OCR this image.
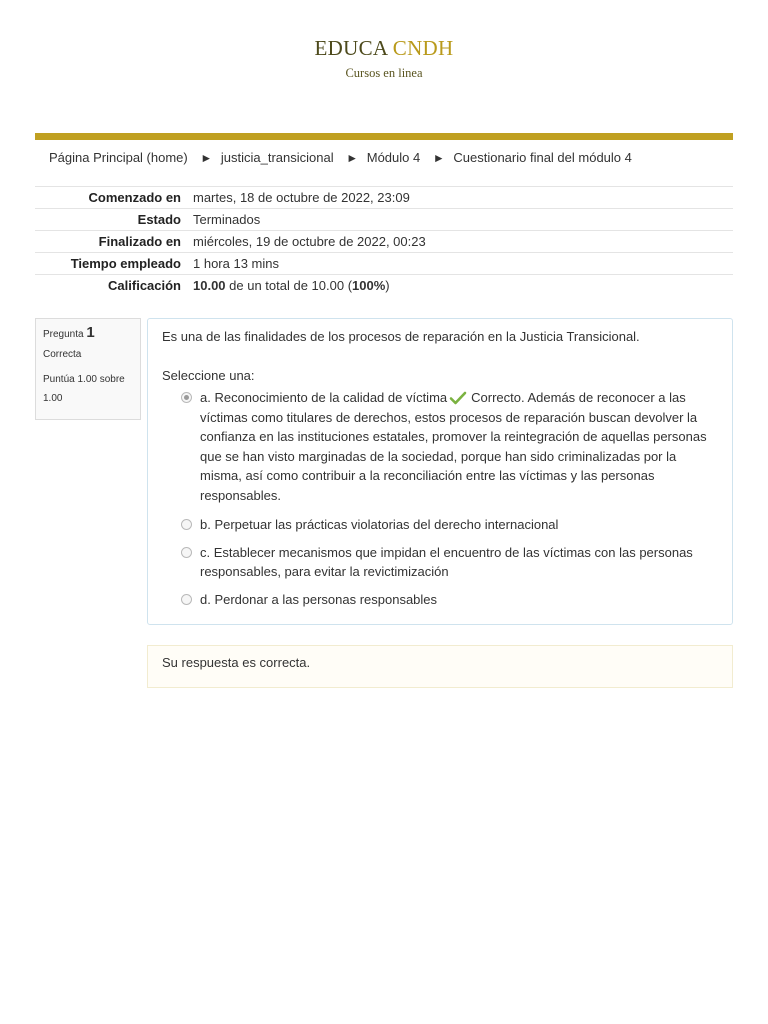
EDUCA CNDH
Cursos en linea
Página Principal (home) ► justicia_transicional ► Módulo 4 ► Cuestionario final del módulo 4
Comenzado en	martes, 18 de octubre de 2022, 23:09
Estado	Terminados
Finalizado en	miércoles, 19 de octubre de 2022, 00:23
Tiempo empleado	1 hora 13 mins
Calificación	10.00 de un total de 10.00 (100%)
Pregunta 1
Correcta
Puntúa 1.00 sobre 1.00
Es una de las finalidades de los procesos de reparación en la Justicia Transicional.
Seleccione una:
a. Reconocimiento de la calidad de víctima Correcto. Además de reconocer a las víctimas como titulares de derechos, estos procesos de reparación buscan devolver la confianza en las instituciones estatales, promover la reintegración de aquellas personas que se han visto marginadas de la sociedad, porque han sido criminalizadas por la misma, así como contribuir a la reconciliación entre las víctimas y las personas responsables.
b. Perpetuar las prácticas violatorias del derecho internacional
c. Establecer mecanismos que impidan el encuentro de las víctimas con las personas responsables, para evitar la revictimización
d. Perdonar a las personas responsables
Su respuesta es correcta.
